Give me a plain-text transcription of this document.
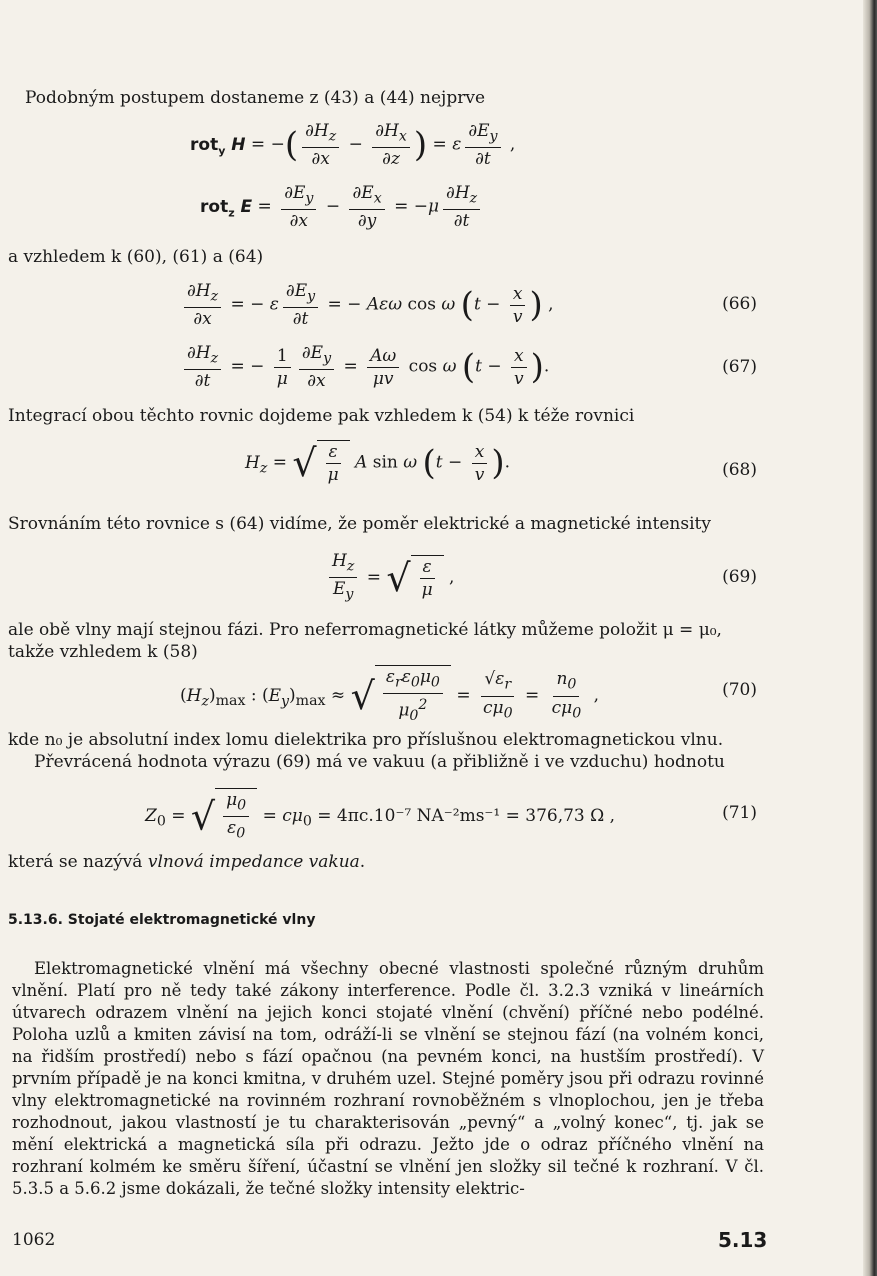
Podobným postupem dostaneme z (43) a (44) nejprve
rot$_y$ H = −( $\frac{\partial H_z}{\partial x} - \frac{\partial H_x}{\partial z}$ ) = ε $\frac{\partial E_y}{\partial t}$ ,
rot$_z$ $E = \frac{\partial E_y}{\partial x} - \frac{\partial E_x}{\partial y} = -\mu \frac{\partial H_z}{\partial t}$
a vzhledem k (60), (61) a (64)
$\frac{\partial H_z}{\partial x}$ = − ε $\frac{\partial E_y}{\partial t}$ = − Aεω cos ω ($t - \frac{x}{v}$ ) ,	(66)
$\frac{\partial H_z}{\partial t}$ = − $\frac{1}{\mu} \frac{\partial E_y}{\partial x} = \frac{A\omega}{\mu v}$ cos ω ($t - \frac{x}{v}$ ).	(67)
Integrací obou těchto rovnic dojdeme pak vzhledem k (54) k téže rovnici
$H_z$ = √ $\frac{\varepsilon}{\mu}$ A sin ω ($t - \frac{x}{v}$ ).	(68)
Srovnáním této rovnice s (64) vidíme, že poměr elektrické a magnetické intensity
$\frac{H_z}{E_y}$ = √ $\frac{\varepsilon}{\mu}$ ,	(69)
ale obě vlny mají stejnou fázi. Pro neferromagnetické látky můžeme položit μ = μ₀,
takže vzhledem k (58)
$(H_z)_{max}$ : $(E_y)_{max}$ ≈ √ $\frac{\varepsilon_r\varepsilon_0\mu_0}{\mu_0^2} = \frac{√\varepsilon_r}{c\mu_0} = \frac{n_0}{c\mu_0}$ ,	(70)
kde n₀ je absolutní index lomu dielektrika pro příslušnou elektromagnetickou vlnu.
Převrácená hodnota výrazu (69) má ve vakuu (a přibližně i ve vzduchu) hodnotu
$Z_0$ = √ $\frac{\mu_0}{\varepsilon_0} = c\mu_0 = 4\pi c.10^{-7}$ NA⁻²ms⁻¹ = 376,73 Ω ,	(71)
která se nazývá vlnová impedance vakua.
5.13.6. Stojaté elektromagnetické vlny
Elektromagnetické vlnění má všechny obecné vlastnosti společné různým druhům vlnění. Platí pro ně tedy také zákony interference. Podle čl. 3.2.3 vzniká v lineárních útvarech odrazem vlnění na jejich konci stojaté vlnění (chvění) příčné nebo podélné. Poloha uzlů a kmiten závisí na tom, odráží-li se vlnění se stejnou fází (na volném konci, na řidším prostředí) nebo s fází opačnou (na pevném konci, na hustším prostředí). V prvním případě je na konci kmitna, v druhém uzel. Stejné poměry jsou při odrazu rovinné vlny elektromagnetické na rovinném rozhraní rovnoběžném s vlnoplochou, jen je třeba rozhodnout, jakou vlastností je tu charakterisován „pevný“ a „volný konec“, tj. jak se mění elektrická a magnetická síla při odrazu. Ježto jde o odraz příčného vlnění na rozhraní kolmém ke směru šíření, účastní se vlnění jen složky sil tečné k rozhraní. V čl. 5.3.5 a 5.6.2 jsme dokázali, že tečné složky intensity elektric-
1062	5.13
